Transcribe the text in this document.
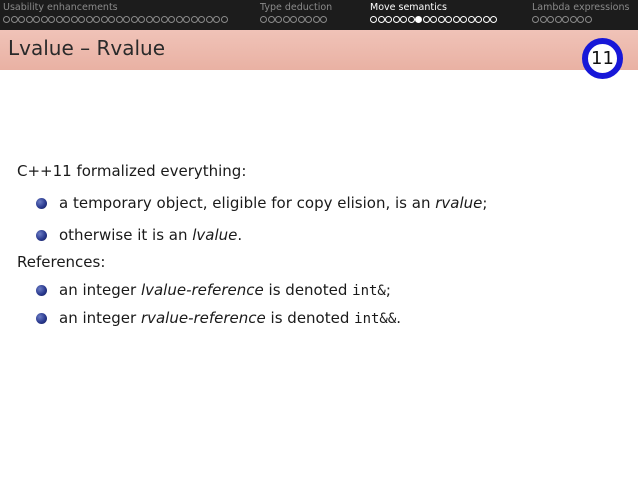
Usability enhancements	Type deduction	Move semantics	Lambda expressions
Lvalue – Rvalue	11
C++11 formalized everything:
a temporary object, eligible for copy elision, is an rvalue;
otherwise it is an lvalue.
References:
an integer lvalue-reference is denoted int&;
an integer rvalue-reference is denoted int&&.
